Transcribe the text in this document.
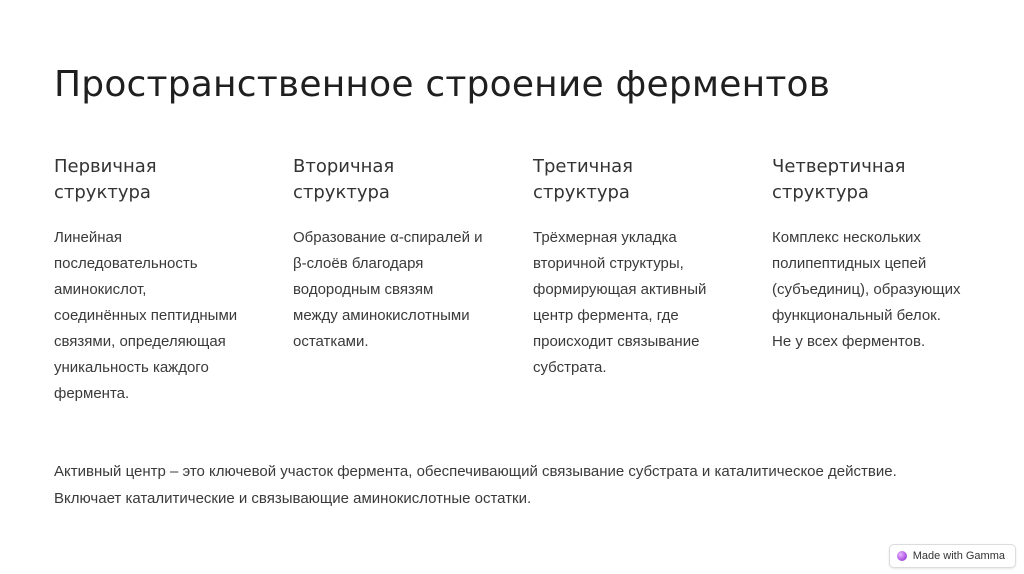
Пространственное строение ферментов

Первичная
структура

Линейная
последовательность
аминокислот,
соединённых пептидными
связями, определяющая
уникальность каждого
фермента.

Вторичная
структура

Образование α-спиралей и
β-слоёв благодаря
водородным связям
между аминокислотными
остатками.

Третичная
структура

Трёхмерная укладка
вторичной структуры,
формирующая активный
центр фермента, где
происходит связывание
субстрата.

Четвертичная
структура

Комплекс нескольких
полипептидных цепей
(субъединиц), образующих
функциональный белок.
Не у всех ферментов.
Активный центр – это ключевой участок фермента, обеспечивающий связывание субстрата и каталитическое действие.
Включает каталитические и связывающие аминокислотные остатки.
Made with Gamma
